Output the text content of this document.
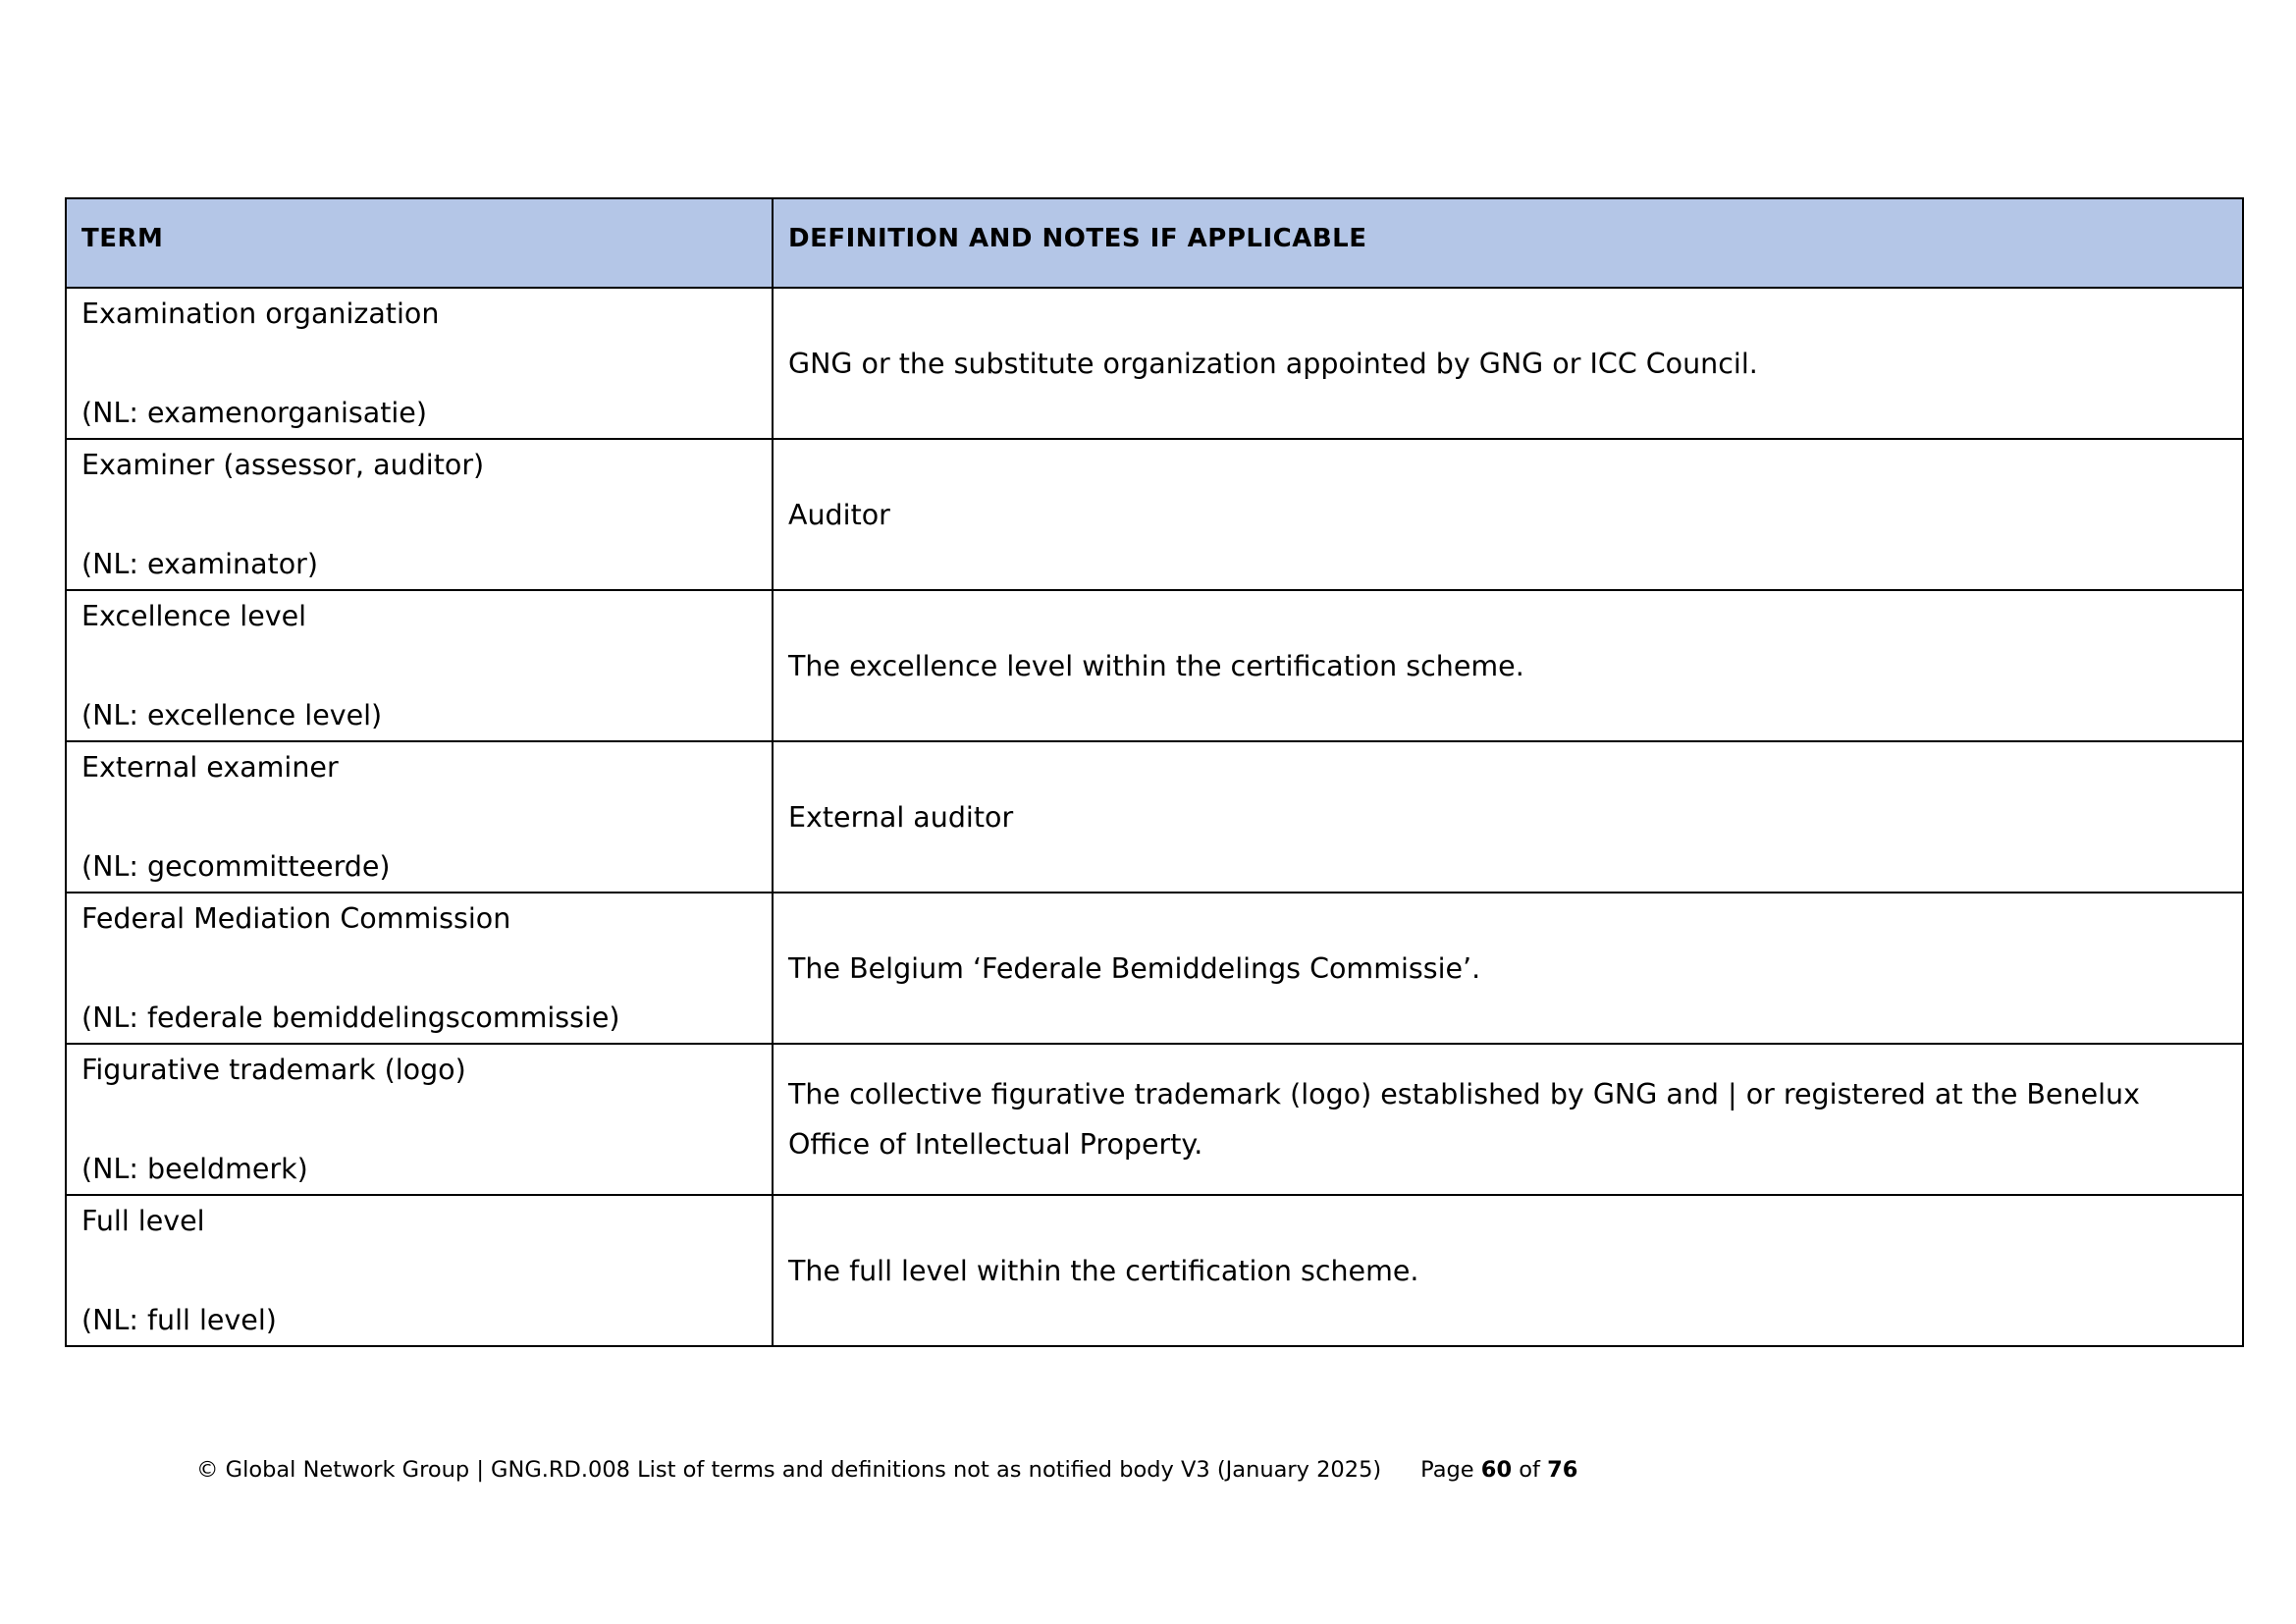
TERM	DEFINITION AND NOTES IF APPLICABLE

Examination organization
(NL: examenorganisatie)	GNG or the substitute organization appointed by GNG or ICC Council.

Examiner (assessor, auditor)
(NL: examinator)	Auditor

Excellence level
(NL: excellence level)	The excellence level within the certification scheme.

External examiner
(NL: gecommitteerde)	External auditor

Federal Mediation Commission
(NL: federale bemiddelingscommissie)	The Belgium ‘Federale Bemiddelings Commissie’.

Figurative trademark (logo)
(NL: beeldmerk)	The collective figurative trademark (logo) established by GNG and | or registered at the Benelux Office of Intellectual Property.

Full level
(NL: full level)	The full level within the certification scheme.
© Global Network Group | GNG.RD.008 List of terms and definitions not as notified body V3 (January 2025) Page 60 of 76
